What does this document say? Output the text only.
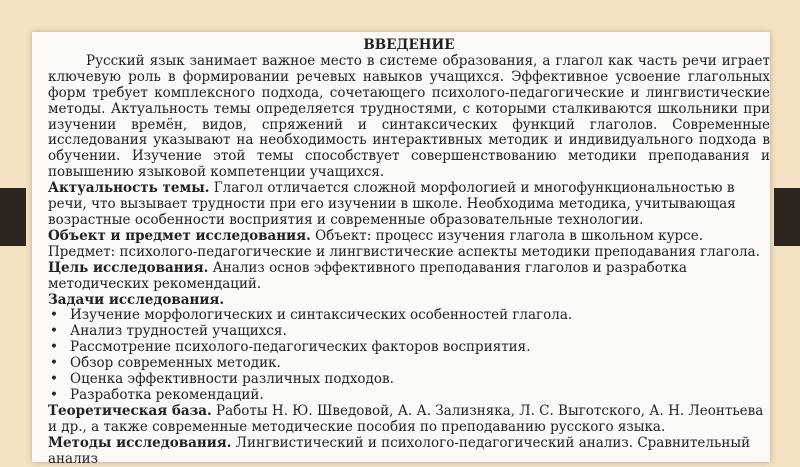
ВВЕДЕНИЕ

Русский язык занимает важное место в системе образования, а глагол как часть речи играет ключевую роль в формировании речевых навыков учащихся. Эффективное усвоение глагольных форм требует комплексного подхода, сочетающего психолого-педагогические и лингвистические методы. Актуальность темы определяется трудностями, с которыми сталкиваются школьники при изучении времён, видов, спряжений и синтаксических функций глаголов. Современные исследования указывают на необходимость интерактивных методик и индивидуального подхода в обучении. Изучение этой темы способствует совершенствованию методики преподавания и повышению языковой компетенции учащихся.

Актуальность темы. Глагол отличается сложной морфологией и многофункциональностью в речи, что вызывает трудности при его изучении в школе. Необходима методика, учитывающая возрастные особенности восприятия и современные образовательные технологии.

Объект и предмет исследования. Объект: процесс изучения глагола в школьном курсе.

Предмет: психолого-педагогические и лингвистические аспекты методики преподавания глагола.

Цель исследования. Анализ основ эффективного преподавания глаголов и разработка методических рекомендаций.

Задачи исследования.

• Изучение морфологических и синтаксических особенностей глагола.
• Анализ трудностей учащихся.
• Рассмотрение психолого-педагогических факторов восприятия.
• Обзор современных методик.
• Оценка эффективности различных подходов.
• Разработка рекомендаций.

Теоретическая база. Работы Н. Ю. Шведовой, А. А. Зализняка, Л. С. Выготского, А. Н. Леонтьева и др., а также современные методические пособия по преподаванию русского языка.

Методы исследования. Лингвистический и психолого-педагогический анализ. Сравнительный анализ
